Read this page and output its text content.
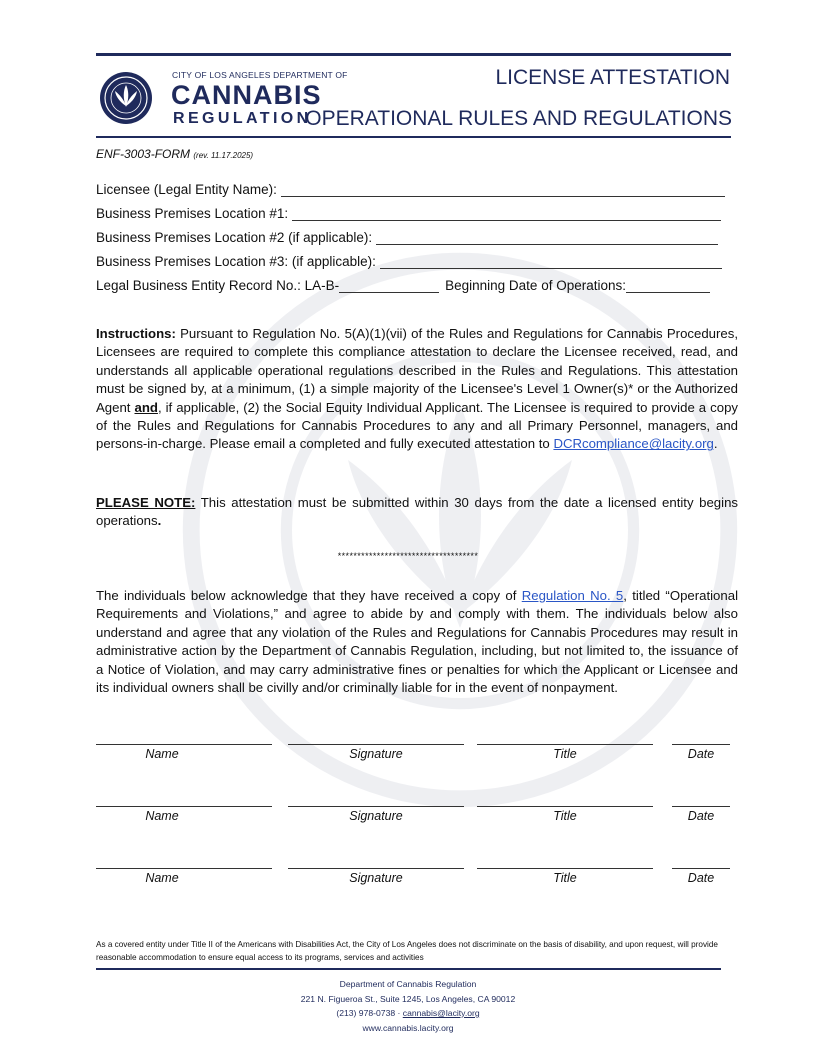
CITY OF LOS ANGELES DEPARTMENT OF
CANNABIS
REGULATION
LICENSE ATTESTATION
OPERATIONAL RULES AND REGULATIONS
ENF-3003-FORM (rev. 11.17.2025)
Licensee (Legal Entity Name):
Business Premises Location #1:
Business Premises Location #2 (if applicable):
Business Premises Location #3: (if applicable):
Legal Business Entity Record No.: LA-B-	Beginning Date of Operations:
Instructions: Pursuant to Regulation No. 5(A)(1)(vii) of the Rules and Regulations for Cannabis Procedures, Licensees are required to complete this compliance attestation to declare the Licensee received, read, and understands all applicable operational regulations described in the Rules and Regulations. This attestation must be signed by, at a minimum, (1) a simple majority of the Licensee's Level 1 Owner(s)* or the Authorized Agent and, if applicable, (2) the Social Equity Individual Applicant. The Licensee is required to provide a copy of the Rules and Regulations for Cannabis Procedures to any and all Primary Personnel, managers, and persons-in-charge. Please email a completed and fully executed attestation to DCRcompliance@lacity.org.
PLEASE NOTE: This attestation must be submitted within 30 days from the date a licensed entity begins operations.
************************************
The individuals below acknowledge that they have received a copy of Regulation No. 5, titled “Operational Requirements and Violations,” and agree to abide by and comply with them. The individuals below also understand and agree that any violation of the Rules and Regulations for Cannabis Procedures may result in administrative action by the Department of Cannabis Regulation, including, but not limited to, the issuance of a Notice of Violation, and may carry administrative fines or penalties for which the Applicant or Licensee and its individual owners shall be civilly and/or criminally liable for in the event of nonpayment.
Name	Signature	Title	Date
Name	Signature	Title	Date
Name	Signature	Title	Date
As a covered entity under Title II of the Americans with Disabilities Act, the City of Los Angeles does not discriminate on the basis of disability, and upon request, will provide reasonable accommodation to ensure equal access to its programs, services and activities
Department of Cannabis Regulation
221 N. Figueroa St., Suite 1245, Los Angeles, CA 90012
(213) 978-0738 · cannabis@lacity.org
www.cannabis.lacity.org
